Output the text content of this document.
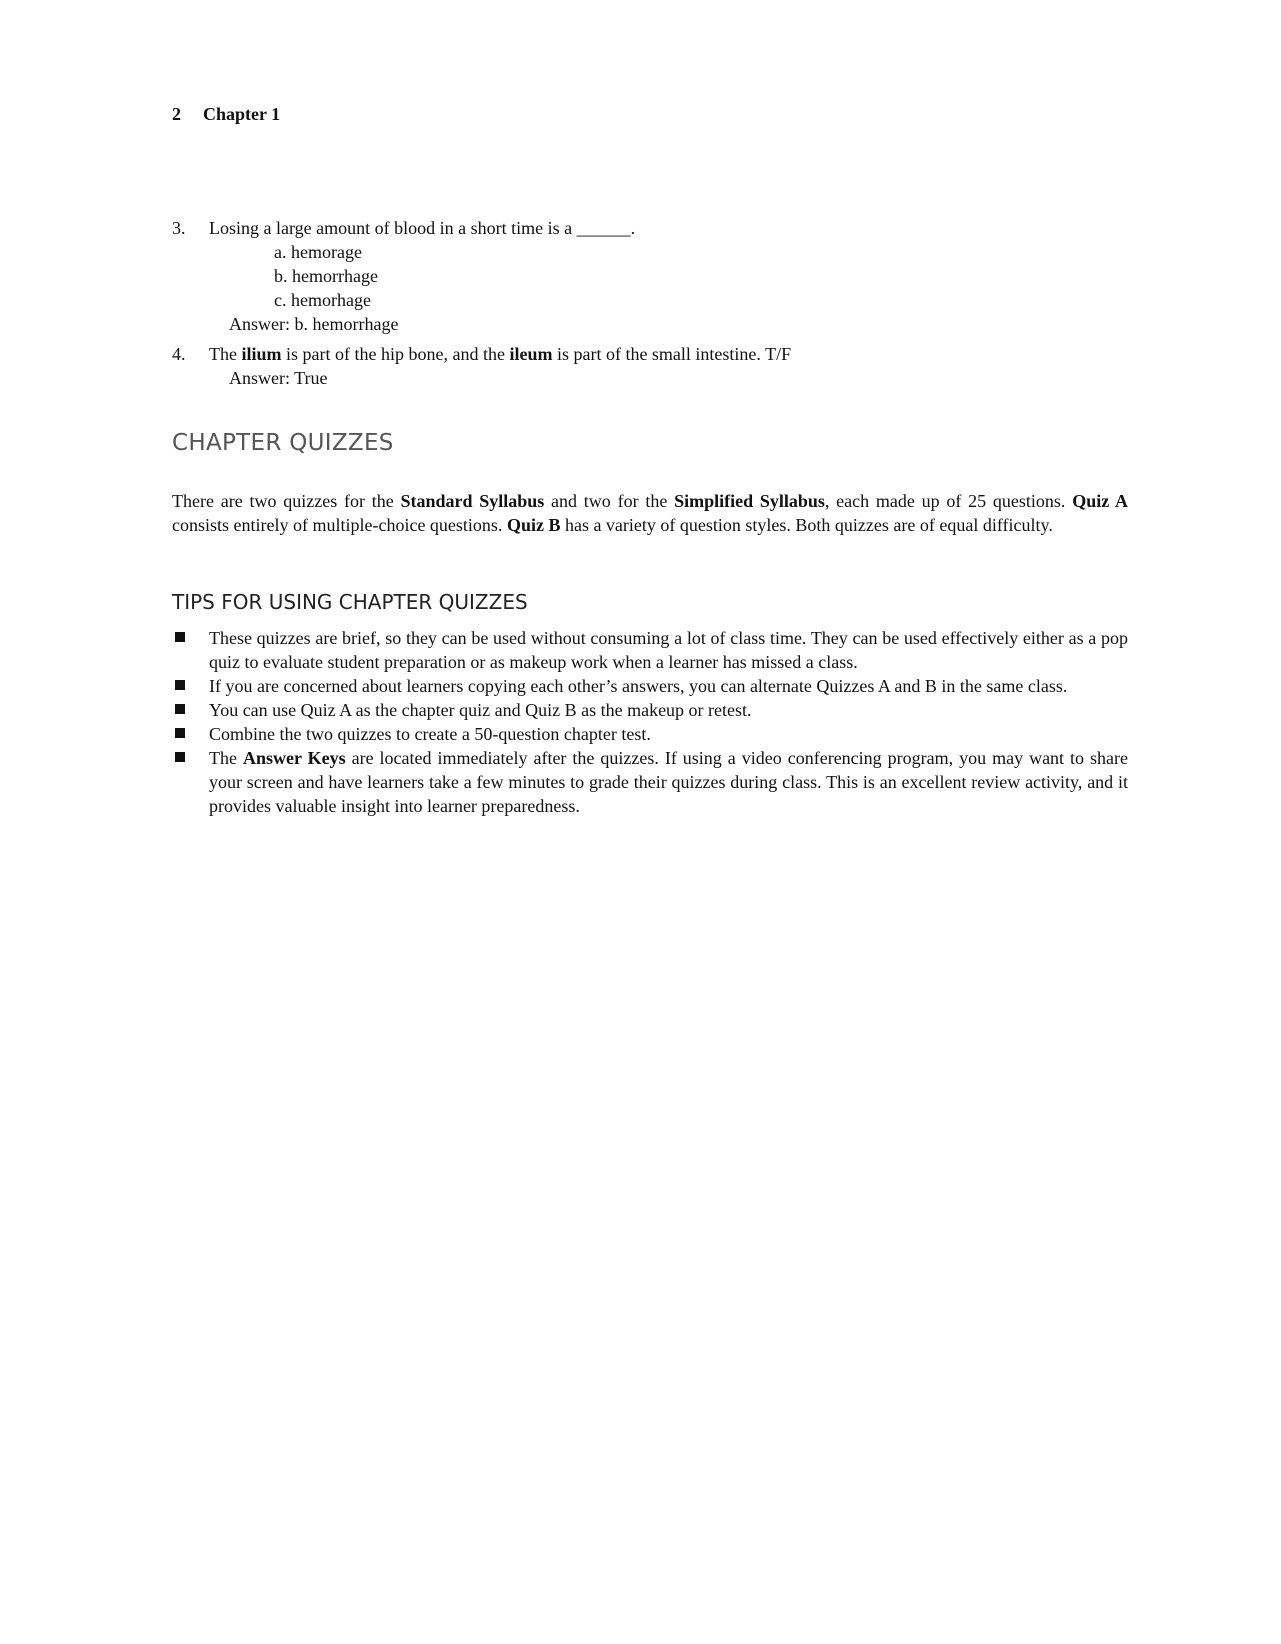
2 Chapter 1
3.	Losing a large amount of blood in a short time is a ______.
a. hemorage
b. hemorrhage
c. hemorhage
Answer: b. hemorrhage
4.	The ilium is part of the hip bone, and the ileum is part of the small intestine. T/F
Answer: True
CHAPTER QUIZZES

There are two quizzes for the Standard Syllabus and two for the Simplified Syllabus, each made up of 25 questions. Quiz A consists entirely of multiple-choice questions. Quiz B has a variety of question styles. Both quizzes are of equal difficulty.

TIPS FOR USING CHAPTER QUIZZES
These quizzes are brief, so they can be used without consuming a lot of class time. They can be used effectively either as a pop quiz to evaluate student preparation or as makeup work when a learner has missed a class.
If you are concerned about learners copying each other’s answers, you can alternate Quizzes A and B in the same class.
You can use Quiz A as the chapter quiz and Quiz B as the makeup or retest.
Combine the two quizzes to create a 50-question chapter test.
The Answer Keys are located immediately after the quizzes. If using a video conferencing program, you may want to share your screen and have learners take a few minutes to grade their quizzes during class. This is an excellent review activity, and it provides valuable insight into learner preparedness.
